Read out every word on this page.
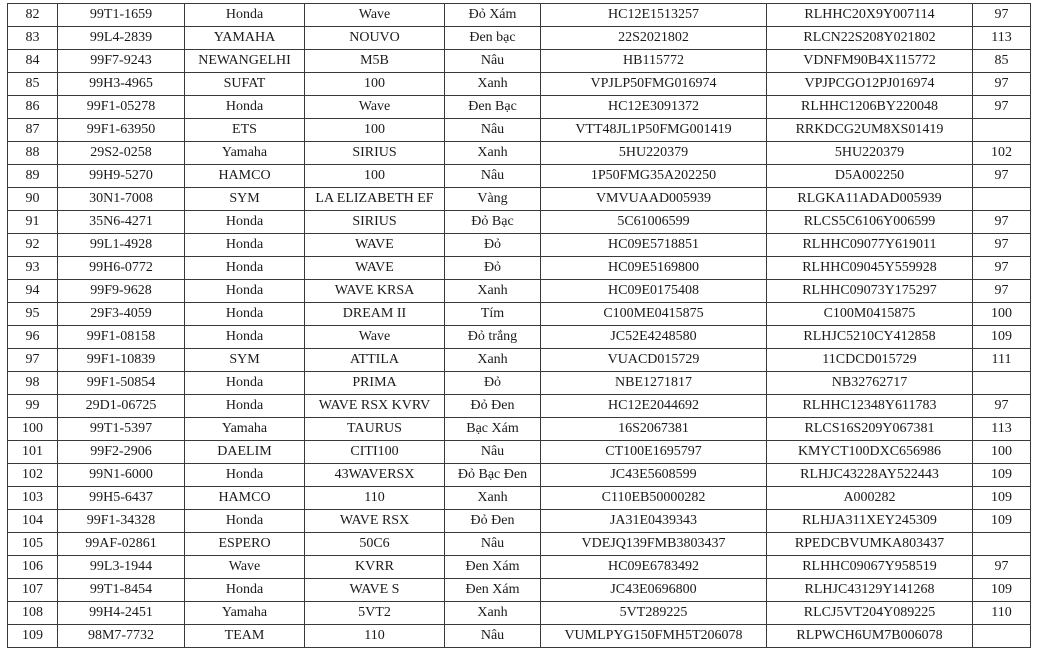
82	99T1-1659	Honda	Wave	Đỏ Xám	HC12E1513257	RLHHC20X9Y007114	97
83	99L4-2839	YAMAHA	NOUVO	Đen bạc	22S2021802	RLCN22S208Y021802	113
84	99F7-9243	NEWANGELHI	M5B	Nâu	HB115772	VDNFM90B4X115772	85
85	99H3-4965	SUFAT	100	Xanh	VPJLP50FMG016974	VPJPCGO12PJ016974	97
86	99F1-05278	Honda	Wave	Đen Bạc	HC12E3091372	RLHHC1206BY220048	97
87	99F1-63950	ETS	100	Nâu	VTT48JL1P50FMG001419	RRKDCG2UM8XS01419	
88	29S2-0258	Yamaha	SIRIUS	Xanh	5HU220379	5HU220379	102
89	99H9-5270	HAMCO	100	Nâu	1P50FMG35A202250	D5A002250	97
90	30N1-7008	SYM	LA ELIZABETH EF	Vàng	VMVUAAD005939	RLGKA11ADAD005939	
91	35N6-4271	Honda	SIRIUS	Đỏ Bạc	5C61006599	RLCS5C6106Y006599	97
92	99L1-4928	Honda	WAVE	Đỏ	HC09E5718851	RLHHC09077Y619011	97
93	99H6-0772	Honda	WAVE	Đỏ	HC09E5169800	RLHHC09045Y559928	97
94	99F9-9628	Honda	WAVE KRSA	Xanh	HC09E0175408	RLHHC09073Y175297	97
95	29F3-4059	Honda	DREAM II	Tím	C100ME0415875	C100M0415875	100
96	99F1-08158	Honda	Wave	Đỏ trắng	JC52E4248580	RLHJC5210CY412858	109
97	99F1-10839	SYM	ATTILA	Xanh	VUACD015729	11CDCD015729	111
98	99F1-50854	Honda	PRIMA	Đỏ	NBE1271817	NB32762717	
99	29D1-06725	Honda	WAVE RSX KVRV	Đỏ Đen	HC12E2044692	RLHHC12348Y611783	97
100	99T1-5397	Yamaha	TAURUS	Bạc Xám	16S2067381	RLCS16S209Y067381	113
101	99F2-2906	DAELIM	CITI100	Nâu	CT100E1695797	KMYCT100DXC656986	100
102	99N1-6000	Honda	43WAVERSX	Đỏ Bạc Đen	JC43E5608599	RLHJC43228AY522443	109
103	99H5-6437	HAMCO	110	Xanh	C110EB50000282	A000282	109
104	99F1-34328	Honda	WAVE RSX	Đỏ Đen	JA31E0439343	RLHJA311XEY245309	109
105	99AF-02861	ESPERO	50C6	Nâu	VDEJQ139FMB3803437	RPEDCBVUMKA803437	
106	99L3-1944	Wave	KVRR	Đen Xám	HC09E6783492	RLHHC09067Y958519	97
107	99T1-8454	Honda	WAVE S	Đen Xám	JC43E0696800	RLHJC43129Y141268	109
108	99H4-2451	Yamaha	5VT2	Xanh	5VT289225	RLCJ5VT204Y089225	110
109	98M7-7732	TEAM	110	Nâu	VUMLPYG150FMH5T206078	RLPWCH6UM7B006078	
